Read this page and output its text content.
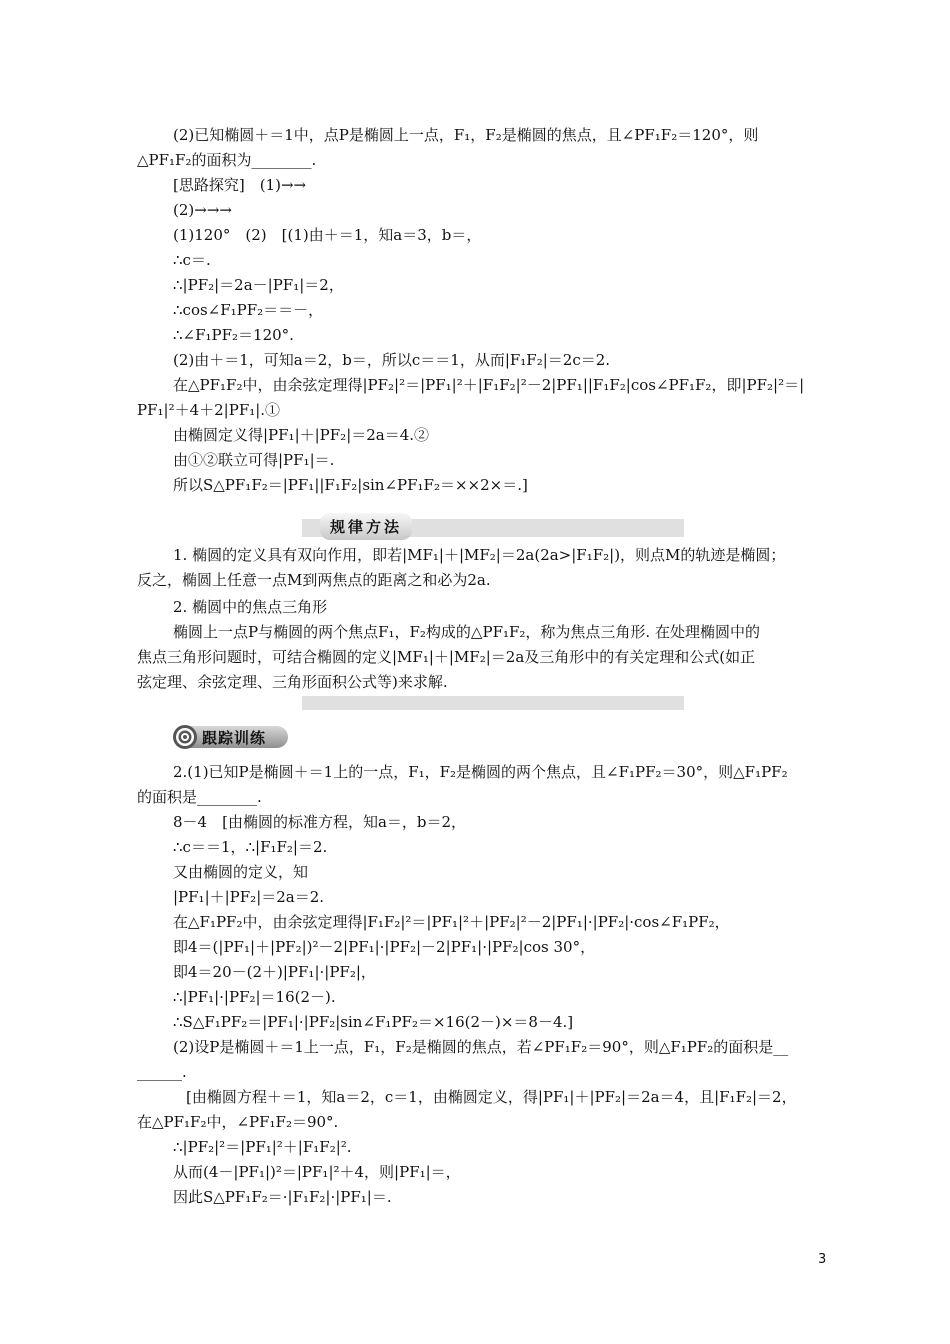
(2)已知椭圆＋＝1中，点P是椭圆上一点，F₁，F₂是椭圆的焦点，且∠PF₁F₂＝120°，则
△PF₁F₂的面积为________.
[思路探究]　(1)→→
(2)→→→
(1)120°　(2)　[(1)由＋＝1，知a＝3，b＝，
∴c＝.
∴|PF₂|＝2a－|PF₁|＝2，
∴cos∠F₁PF₂＝＝－，
∴∠F₁PF₂＝120°.
(2)由＋＝1，可知a＝2，b＝，所以c＝＝1，从而|F₁F₂|＝2c＝2.
在△PF₁F₂中，由余弦定理得|PF₂|²＝|PF₁|²＋|F₁F₂|²－2|PF₁||F₁F₂|cos∠PF₁F₂，即|PF₂|²＝|
PF₁|²＋4＋2|PF₁|.①
由椭圆定义得|PF₁|＋|PF₂|＝2a＝4.②
由①②联立可得|PF₁|＝.
所以S△PF₁F₂＝|PF₁||F₁F₂|sin∠PF₁F₂＝××2×＝.]
规律方法
1. 椭圆的定义具有双向作用，即若|MF₁|＋|MF₂|＝2a(2a>|F₁F₂|)，则点M的轨迹是椭圆；
反之，椭圆上任意一点M到两焦点的距离之和必为2a.
2. 椭圆中的焦点三角形
椭圆上一点P与椭圆的两个焦点F₁，F₂构成的△PF₁F₂，称为焦点三角形. 在处理椭圆中的
焦点三角形问题时，可结合椭圆的定义|MF₁|＋|MF₂|＝2a及三角形中的有关定理和公式(如正
弦定理、余弦定理、三角形面积公式等)来求解.
跟踪训练
2.(1)已知P是椭圆＋＝1上的一点，F₁，F₂是椭圆的两个焦点，且∠F₁PF₂＝30°，则△F₁PF₂
的面积是________.
8－4　[由椭圆的标准方程，知a＝，b＝2，
∴c＝＝1，∴|F₁F₂|＝2.
又由椭圆的定义，知
|PF₁|＋|PF₂|＝2a＝2.
在△F₁PF₂中，由余弦定理得|F₁F₂|²＝|PF₁|²＋|PF₂|²－2|PF₁|·|PF₂|·cos∠F₁PF₂，
即4＝(|PF₁|＋|PF₂|)²－2|PF₁|·|PF₂|－2|PF₁|·|PF₂|cos 30°，
即4＝20－(2＋)|PF₁|·|PF₂|，
∴|PF₁|·|PF₂|＝16(2－).
∴S△F₁PF₂＝|PF₁|·|PF₂|sin∠F₁PF₂＝×16(2－)×＝8－4.]
(2)设P是椭圆＋＝1上一点，F₁，F₂是椭圆的焦点，若∠PF₁F₂＝90°，则△F₁PF₂的面积是__
______.
[由椭圆方程＋＝1，知a＝2，c＝1，由椭圆定义，得|PF₁|＋|PF₂|＝2a＝4，且|F₁F₂|＝2，
在△PF₁F₂中，∠PF₁F₂＝90°.
∴|PF₂|²＝|PF₁|²＋|F₁F₂|².
从而(4－|PF₁|)²＝|PF₁|²＋4，则|PF₁|＝，
因此S△PF₁F₂＝·|F₁F₂|·|PF₁|＝.
3
